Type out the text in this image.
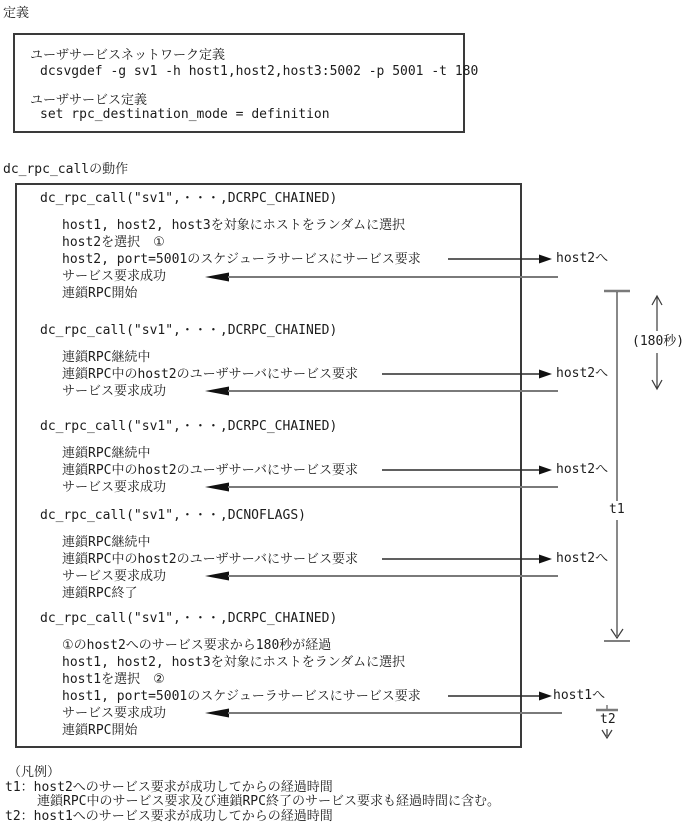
定義
ユーザサービスネットワーク定義
dcsvgdef -g sv1 -h host1,host2,host3:5002 -p 5001 -t 180
ユーザサービス定義
set rpc_destination_mode = definition
dc_rpc_callの動作
dc_rpc_call("sv1",・・・,DCRPC_CHAINED)
host1, host2, host3を対象にホストをランダムに選択
host2を選択　①
host2, port=5001のスケジューラサービスにサービス要求
サービス要求成功
連鎖RPC開始
dc_rpc_call("sv1",・・・,DCRPC_CHAINED)
連鎖RPC継続中
連鎖RPC中のhost2のユーザサーバにサービス要求
サービス要求成功
dc_rpc_call("sv1",・・・,DCRPC_CHAINED)
連鎖RPC継続中
連鎖RPC中のhost2のユーザサーバにサービス要求
サービス要求成功
dc_rpc_call("sv1",・・・,DCNOFLAGS)
連鎖RPC継続中
連鎖RPC中のhost2のユーザサーバにサービス要求
サービス要求成功
連鎖RPC終了
dc_rpc_call("sv1",・・・,DCRPC_CHAINED)
①のhost2へのサービス要求から180秒が経過
host1, host2, host3を対象にホストをランダムに選択
host1を選択　②
host1, port=5001のスケジューラサービスにサービス要求
サービス要求成功
連鎖RPC開始
host2へ
host2へ
host2へ
host2へ
host1へ
t1
(180秒)
t2
（凡例）
t1：host2へのサービス要求が成功してからの経過時間
連鎖RPC中のサービス要求及び連鎖RPC終了のサービス要求も経過時間に含む。
t2：host1へのサービス要求が成功してからの経過時間
